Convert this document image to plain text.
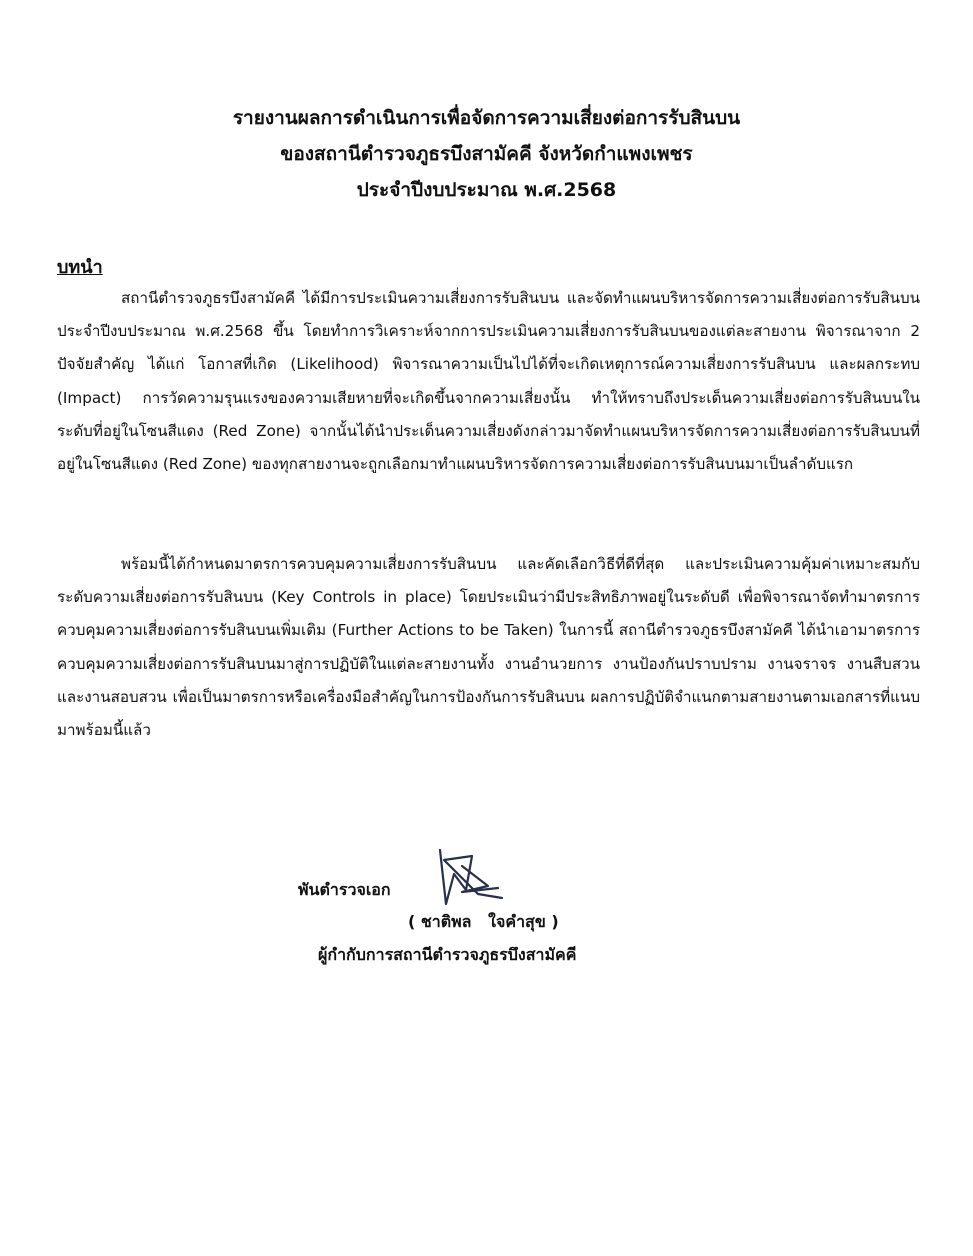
รายงานผลการดำเนินการเพื่อจัดการความเสี่ยงต่อการรับสินบน
ของสถานีตำรวจภูธรบึงสามัคคี จังหวัดกำแพงเพชร
ประจำปีงบประมาณ พ.ศ.2568
บทนำ

สถานีตำรวจภูธรบึงสามัคคี ได้มีการประเมินความเสี่ยงการรับสินบน และจัดทำแผนบริหารจัดการความเสี่ยงต่อการรับสินบน ประจำปีงบประมาณ พ.ศ.2568 ขึ้น โดยทำการวิเคราะห์จากการประเมินความเสี่ยงการรับสินบนของแต่ละสายงาน พิจารณาจาก 2 ปัจจัยสำคัญ ได้แก่ โอกาสที่เกิด (Likelihood) พิจารณาความเป็นไปได้ที่จะเกิดเหตุการณ์ความเสี่ยงการรับสินบน และผลกระทบ (Impact) การวัดความรุนแรงของความเสียหายที่จะเกิดขึ้นจากความเสี่ยงนั้น ทำให้ทราบถึงประเด็นความเสี่ยงต่อการรับสินบนในระดับที่อยู่ในโซนสีแดง (Red Zone) จากนั้นได้นำประเด็นความเสี่ยงดังกล่าวมาจัดทำแผนบริหารจัดการความเสี่ยงต่อการรับสินบนที่อยู่ในโซนสีแดง (Red Zone) ของทุกสายงานจะถูกเลือกมาทำแผนบริหารจัดการความเสี่ยงต่อการรับสินบนมาเป็นลำดับแรก

พร้อมนี้ได้กำหนดมาตรการควบคุมความเสี่ยงการรับสินบน และคัดเลือกวิธีที่ดีที่สุด และประเมินความคุ้มค่าเหมาะสมกับระดับความเสี่ยงต่อการรับสินบน (Key Controls in place) โดยประเมินว่ามีประสิทธิภาพอยู่ในระดับดี เพื่อพิจารณาจัดทำมาตรการควบคุมความเสี่ยงต่อการรับสินบนเพิ่มเติม (Further Actions to be Taken) ในการนี้ สถานีตำรวจภูธรบึงสามัคคี ได้นำเอามาตรการควบคุมความเสี่ยงต่อการรับสินบนมาสู่การปฏิบัติในแต่ละสายงานทั้ง งานอำนวยการ งานป้องกันปราบปราม งานจราจร งานสืบสวน และงานสอบสวน เพื่อเป็นมาตรการหรือเครื่องมือสำคัญในการป้องกันการรับสินบน ผลการปฏิบัติจำแนกตามสายงานตามเอกสารที่แนบมาพร้อมนี้แล้ว

พันตำรวจเอก
( ชาติพล   ใจคำสุข )
ผู้กำกับการสถานีตำรวจภูธรบึงสามัคคี
